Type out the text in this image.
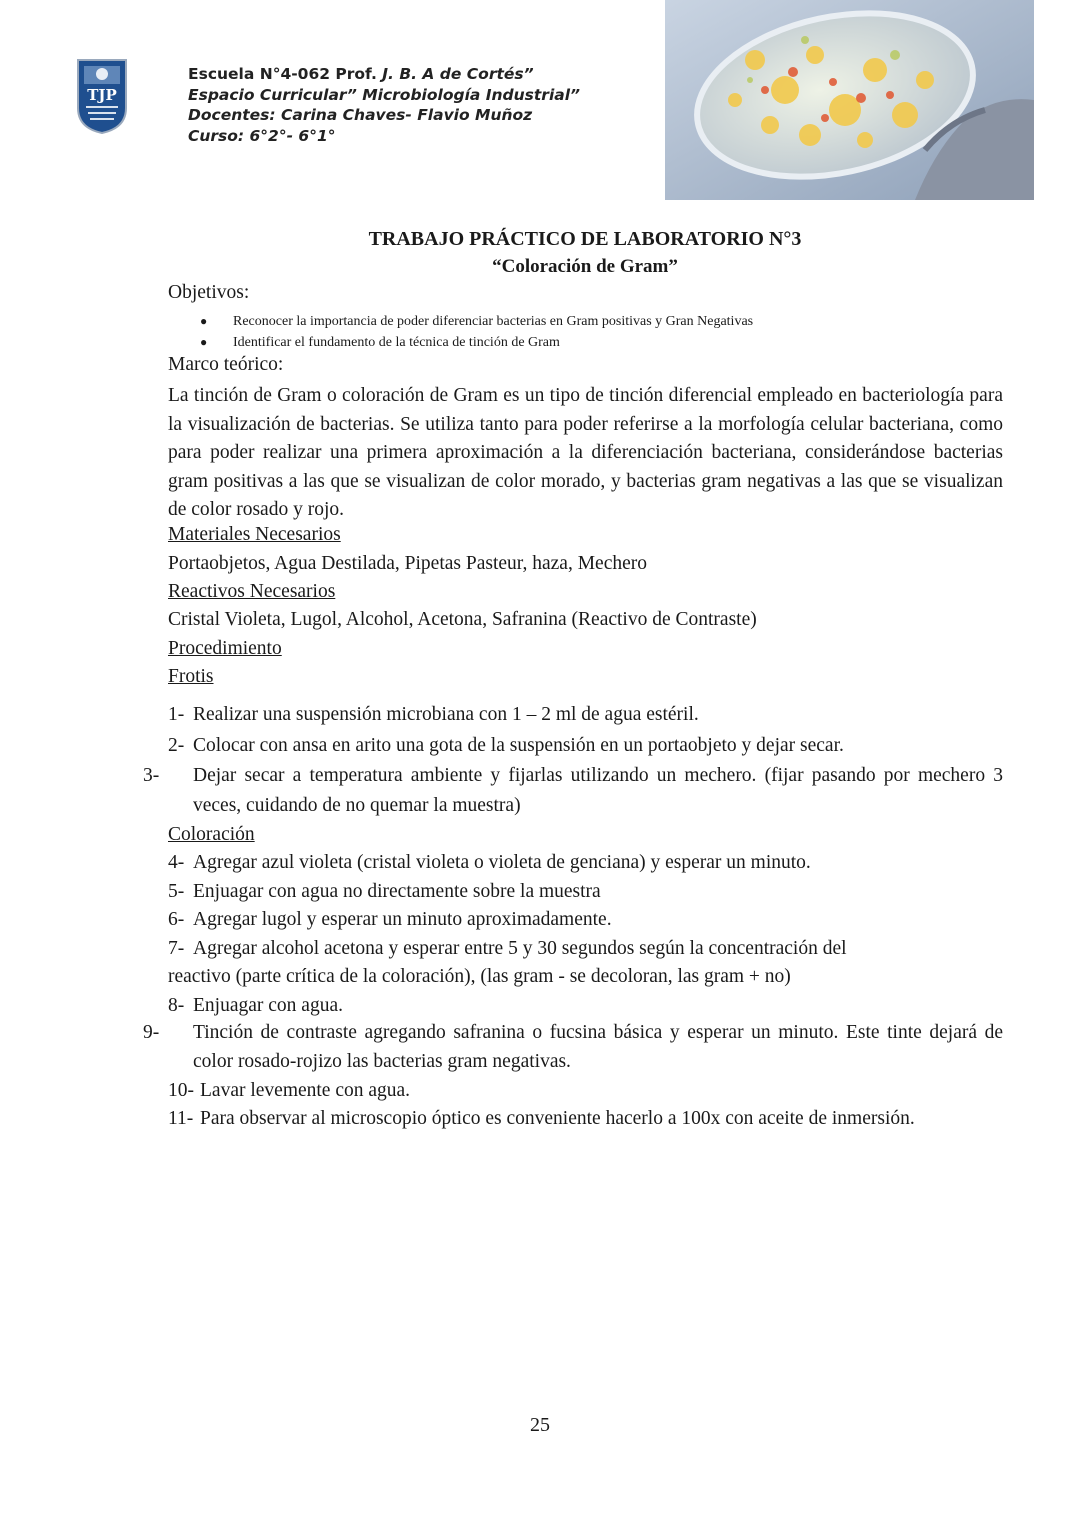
TJP
Escuela N°4-062 Prof. J. B. A de Cortés”
Espacio Curricular” Microbiología Industrial”
Docentes: Carina Chaves- Flavio Muñoz
Curso: 6°2°- 6°1°
TRABAJO PRÁCTICO DE LABORATORIO N°3
“Coloración de Gram”
Objetivos:
●	Reconocer la importancia de poder diferenciar bacterias en Gram positivas y Gran Negativas
●	Identificar el fundamento de la técnica de tinción de Gram
Marco teórico:
La tinción de Gram o coloración de Gram es un tipo de tinción diferencial empleado en bacteriología para la visualización de bacterias. Se utiliza tanto para poder referirse a la morfología celular bacteriana, como para poder realizar una primera aproximación a la diferenciación bacteriana, considerándose bacterias gram positivas a las que se visualizan de color morado, y bacterias gram negativas a las que se visualizan de color rosado y rojo.
Materiales Necesarios
Portaobjetos, Agua Destilada, Pipetas Pasteur, haza, Mechero
Reactivos Necesarios
Cristal Violeta, Lugol, Alcohol, Acetona, Safranina (Reactivo de Contraste)
Procedimiento
Frotis
1- Realizar una suspensión microbiana con 1 – 2 ml de agua estéril.
2- Colocar con ansa en arito una gota de la suspensión en un portaobjeto y dejar secar.
3- Dejar secar a temperatura ambiente y fijarlas utilizando un mechero. (fijar pasando por mechero 3 veces, cuidando de no quemar la muestra)
Coloración
4- Agregar azul violeta (cristal violeta o violeta de genciana) y esperar un minuto.
5- Enjuagar con agua no directamente sobre la muestra
6- Agregar lugol y esperar un minuto aproximadamente.
7- Agregar alcohol acetona y esperar entre 5 y 30 segundos según la concentración del
reactivo (parte crítica de la coloración), (las gram - se decoloran, las gram + no)
8- Enjuagar con agua.
9- Tinción de contraste agregando safranina o fucsina básica y esperar un minuto. Este tinte dejará de color rosado-rojizo las bacterias gram negativas.
10- Lavar levemente con agua.
11- Para observar al microscopio óptico es conveniente hacerlo a 100x con aceite de inmersión.
25
